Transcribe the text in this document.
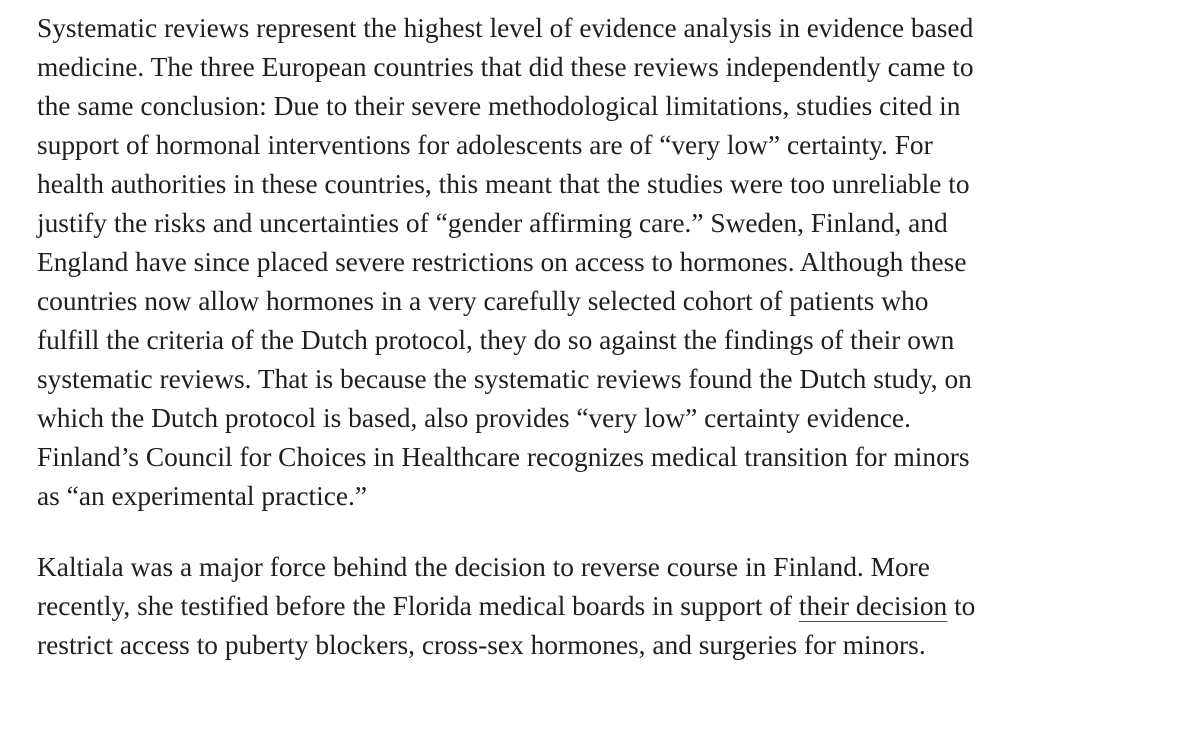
Systematic reviews represent the highest level of evidence analysis in evidence based
medicine. The three European countries that did these reviews independently came to
the same conclusion: Due to their severe methodological limitations, studies cited in
support of hormonal interventions for adolescents are of “very low” certainty. For
health authorities in these countries, this meant that the studies were too unreliable to
justify the risks and uncertainties of “gender affirming care.” Sweden, Finland, and
England have since placed severe restrictions on access to hormones. Although these
countries now allow hormones in a very carefully selected cohort of patients who
fulfill the criteria of the Dutch protocol, they do so against the findings of their own
systematic reviews. That is because the systematic reviews found the Dutch study, on
which the Dutch protocol is based, also provides “very low” certainty evidence.
Finland’s Council for Choices in Healthcare recognizes medical transition for minors
as “an experimental practice.”
Kaltiala was a major force behind the decision to reverse course in Finland. More
recently, she testified before the Florida medical boards in support of their decision to
restrict access to puberty blockers, cross-sex hormones, and surgeries for minors.
